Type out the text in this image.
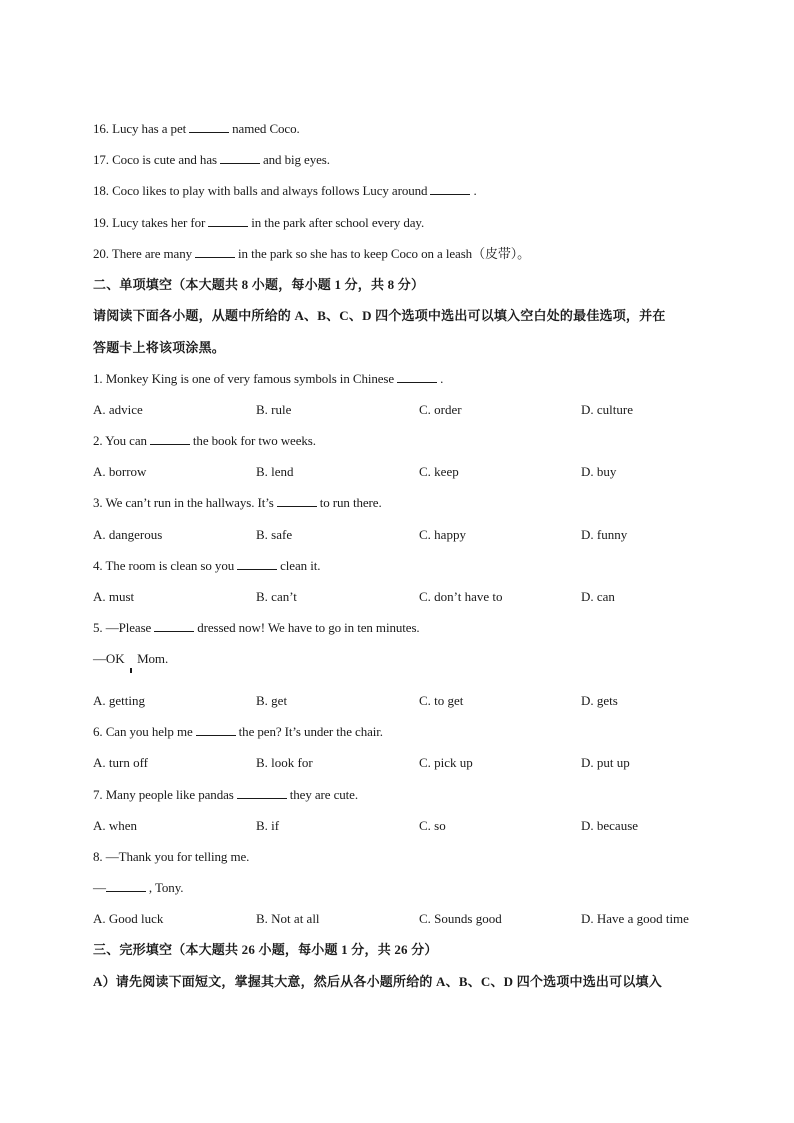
16. Lucy has a pet	named Coco.
17. Coco is cute and has	and big eyes.
18. Coco likes to play with balls and always follows Lucy around	.
19. Lucy takes her for	in the park after school every day.
20. There are many	in the park so she has to keep Coco on a leash（皮带）。
二、单项填空（本大题共 8 小题，每小题 1 分，共 8 分）
请阅读下面各小题，从题中所给的 A、B、C、D 四个选项中选出可以填入空白处的最佳选项，并在
答题卡上将该项涂黑。
1. Monkey King is one of very famous symbols in Chinese	.
A. advice	B. rule	C. order	D. culture
2. You can	the book for two weeks.
A. borrow	B. lend	C. keep	D. buy
3. We can’t run in the hallways. It’s	to run there.
A. dangerous	B. safe	C. happy	D. funny
4. The room is clean so you	clean it.
A. must	B. can’t	C. don’t have to	D. can
5. —Please	dressed now! We have to go in ten minutes.
—OK    Mom.
A. getting	B. get	C. to get	D. gets
6. Can you help me	the pen? It’s under the chair.
A. turn off	B. look for	C. pick up	D. put up
7. Many people like pandas	they are cute.
A. when	B. if	C. so	D. because
8. —Thank you for telling me.
—	, Tony.
A. Good luck	B. Not at all	C. Sounds good	D. Have a good time
三、完形填空（本大题共 26 小题，每小题 1 分，共 26 分）
A）请先阅读下面短文，掌握其大意，然后从各小题所给的 A、B、C、D 四个选项中选出可以填入
